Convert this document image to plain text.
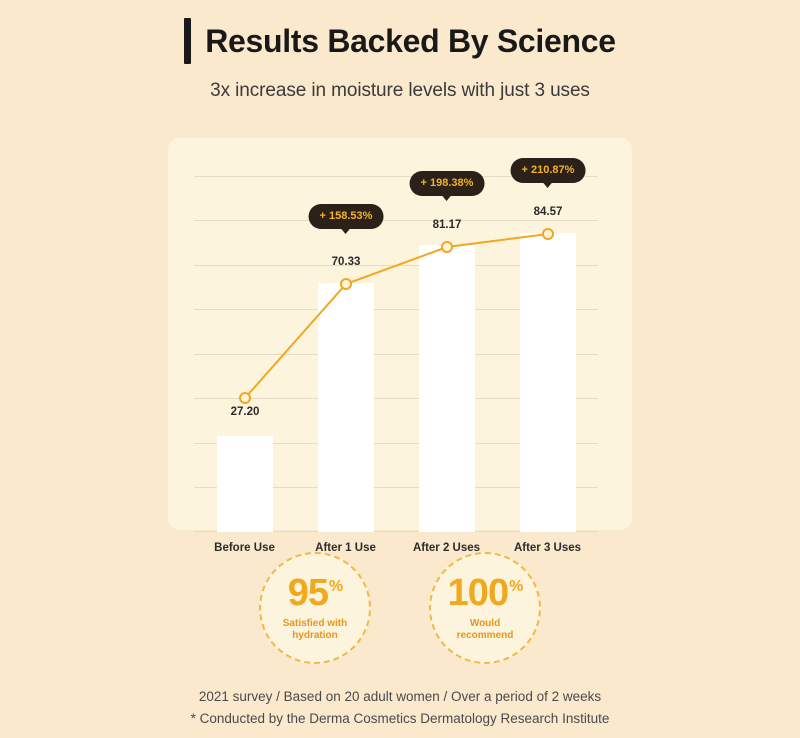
Results Backed By Science
3x increase in moisture levels with just 3 uses
27.20
70.33
81.17
84.57
+ 158.53%
+ 198.38%
+ 210.87%
Before Use	After 1 Use	After 2 Uses	After 3 Uses
95%
Satisfied with
hydration
100%
Would
recommend
2021 survey / Based on 20 adult women / Over a period of 2 weeks
* Conducted by the Derma Cosmetics Dermatology Research Institute
